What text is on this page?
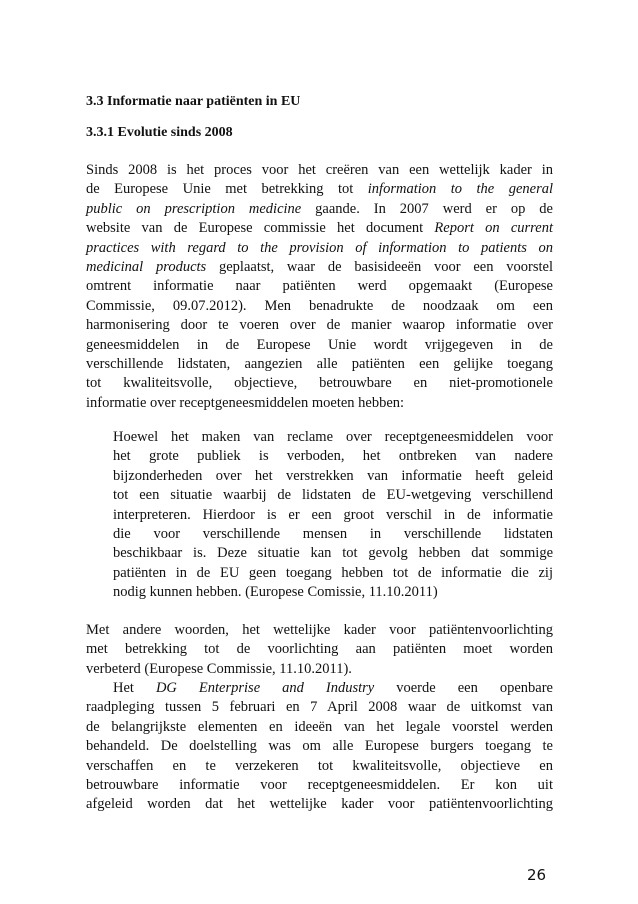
3.3 Informatie naar patiënten in EU
3.3.1 Evolutie sinds 2008
Sinds 2008 is het proces voor het creëren van een wettelijk kader in
de Europese Unie met betrekking tot information to the general
public on prescription medicine gaande. In 2007 werd er op de
website van de Europese commissie het document Report on current
practices with regard to the provision of information to patients on
medicinal products geplaatst, waar de basisideeën voor een voorstel
omtrent informatie naar patiënten werd opgemaakt (Europese
Commissie, 09.07.2012). Men benadrukte de noodzaak om een
harmonisering door te voeren over de manier waarop informatie over
geneesmiddelen in de Europese Unie wordt vrijgegeven in de
verschillende lidstaten, aangezien alle patiënten een gelijke toegang
tot kwaliteitsvolle, objectieve, betrouwbare en niet-promotionele
informatie over receptgeneesmiddelen moeten hebben:
Hoewel het maken van reclame over receptgeneesmiddelen voor
het grote publiek is verboden, het ontbreken van nadere
bijzonderheden over het verstrekken van informatie heeft geleid
tot een situatie waarbij de lidstaten de EU-wetgeving verschillend
interpreteren. Hierdoor is er een groot verschil in de informatie
die voor verschillende mensen in verschillende lidstaten
beschikbaar is. Deze situatie kan tot gevolg hebben dat sommige
patiënten in de EU geen toegang hebben tot de informatie die zij
nodig kunnen hebben. (Europese Comissie, 11.10.2011)
Met andere woorden, het wettelijke kader voor patiëntenvoorlichting
met betrekking tot de voorlichting aan patiënten moet worden
verbeterd (Europese Commissie, 11.10.2011).
Het DG Enterprise and Industry voerde een openbare
raadpleging tussen 5 februari en 7 April 2008 waar de uitkomst van
de belangrijkste elementen en ideeën van het legale voorstel werden
behandeld. De doelstelling was om alle Europese burgers toegang te
verschaffen en te verzekeren tot kwaliteitsvolle, objectieve en
betrouwbare informatie voor receptgeneesmiddelen. Er kon uit
afgeleid worden dat het wettelijke kader voor patiëntenvoorlichting
26
